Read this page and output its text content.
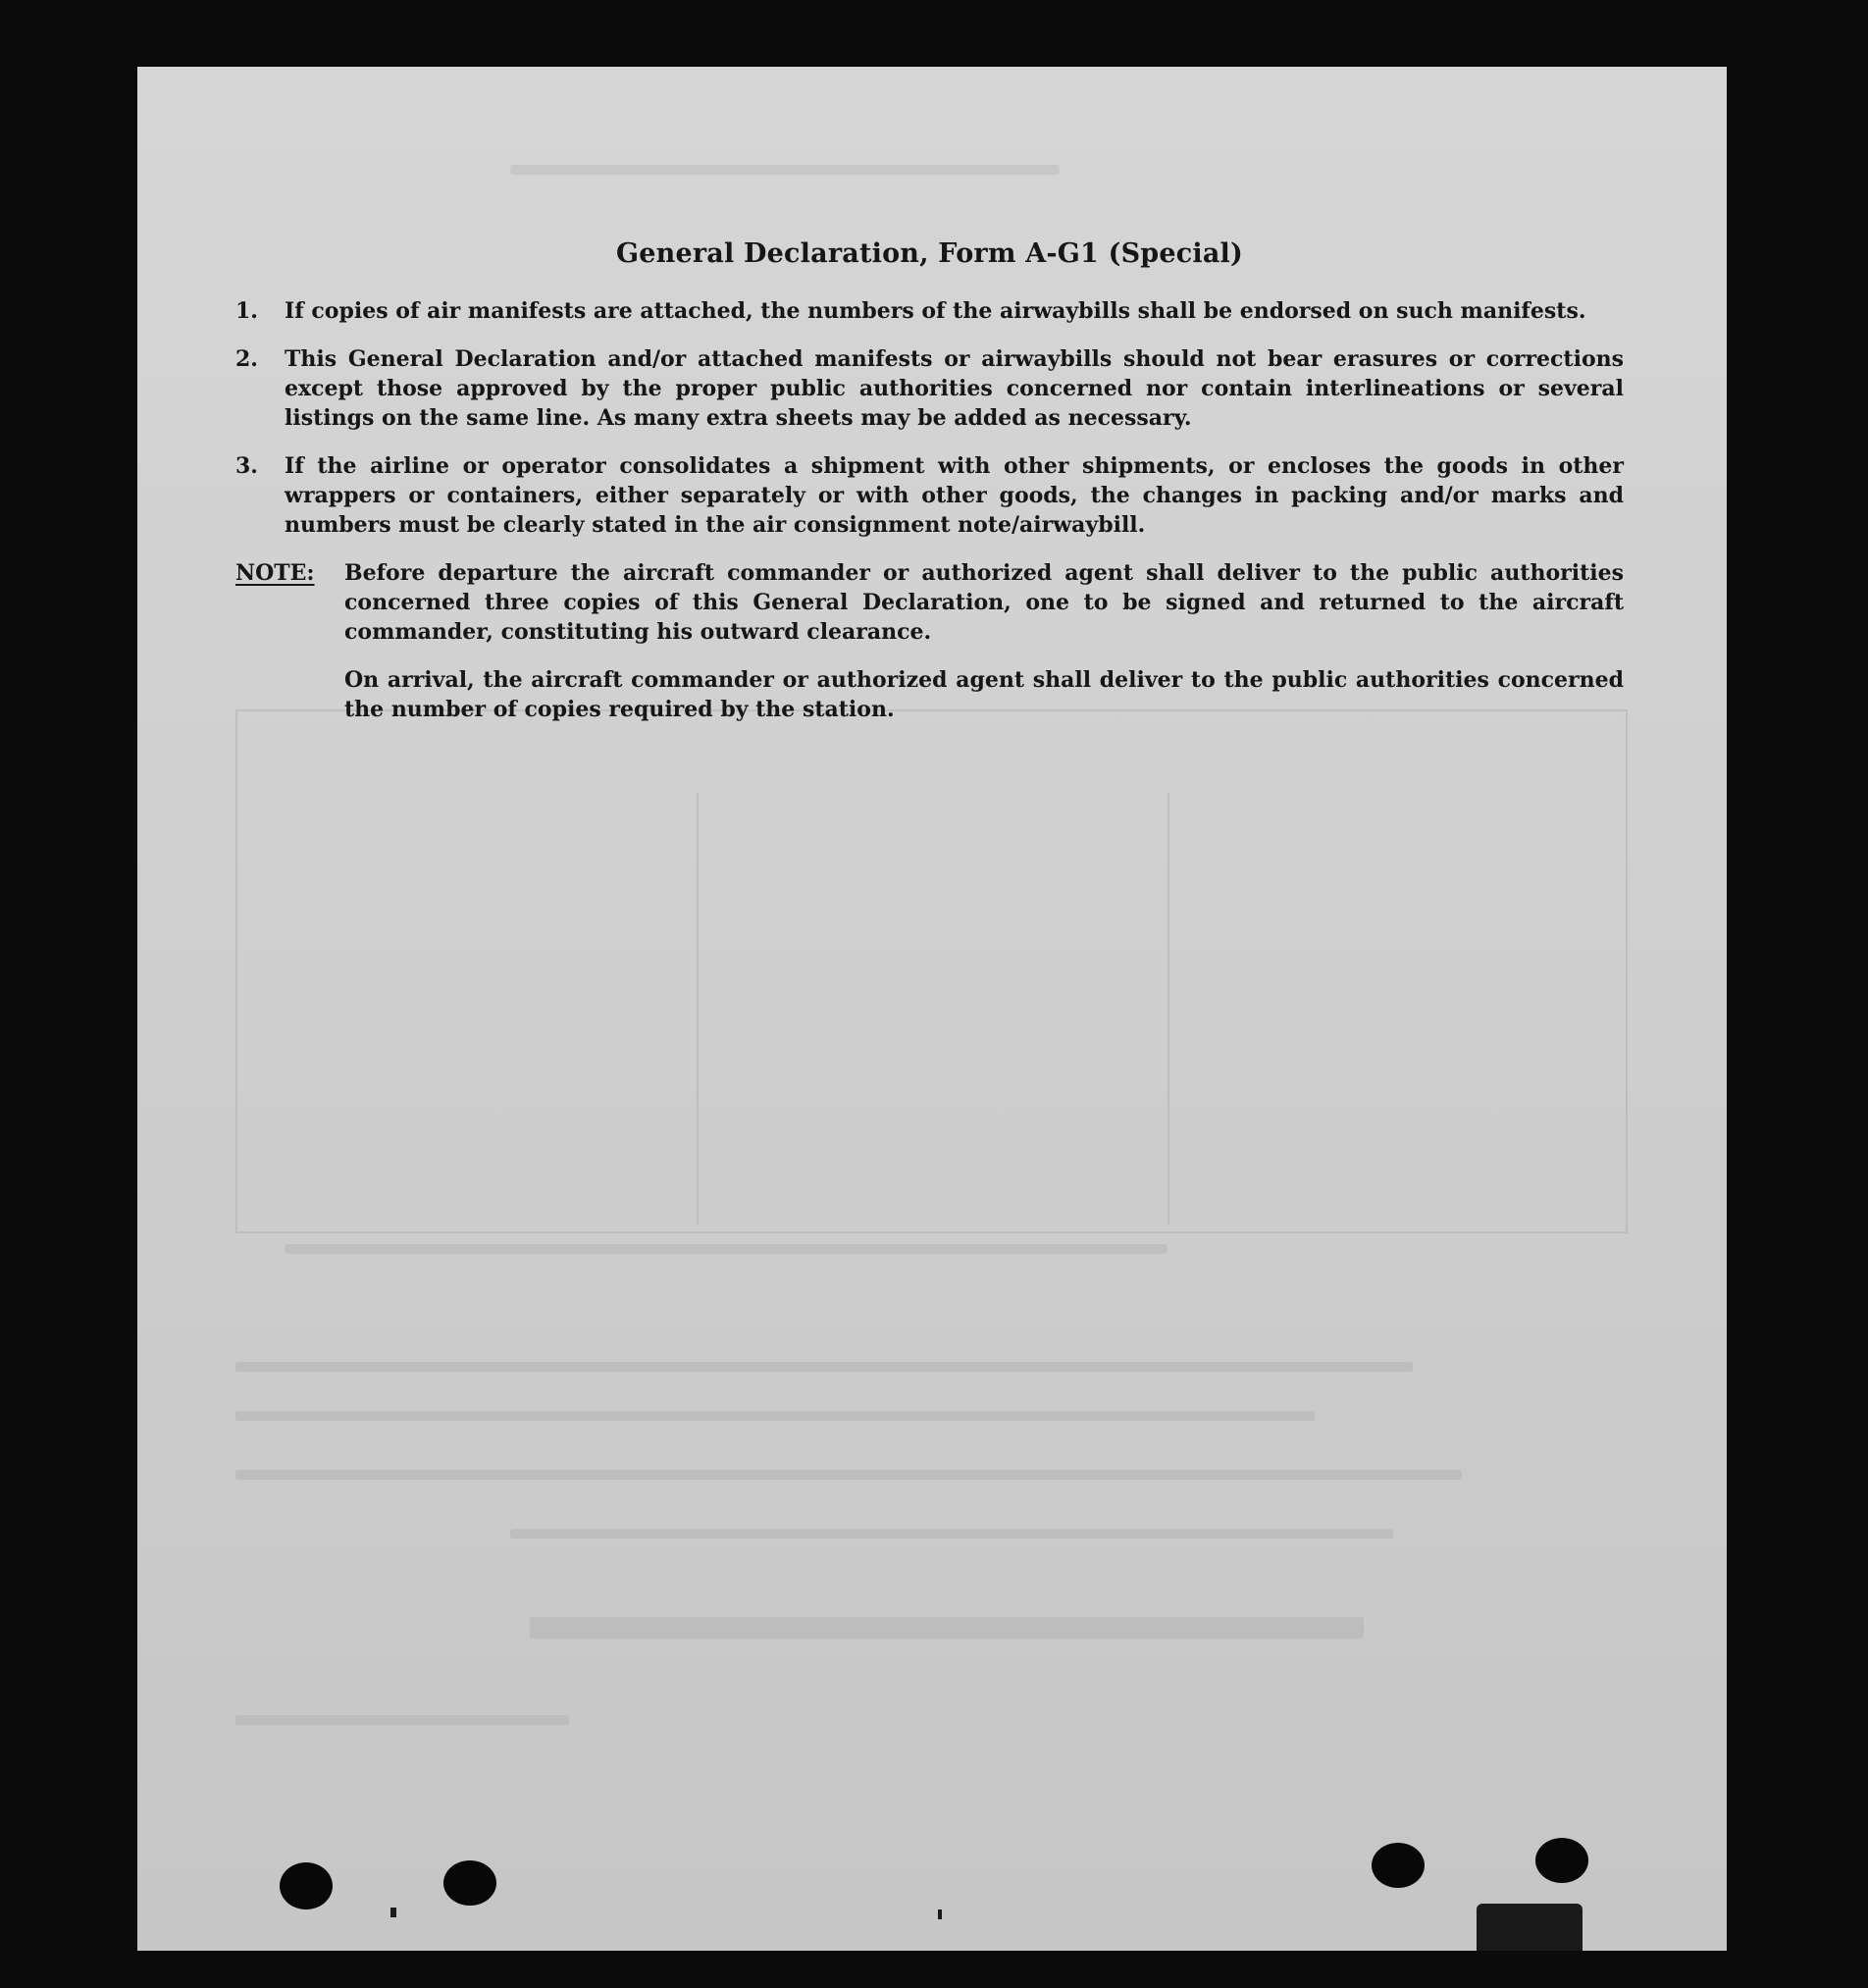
General Declaration, Form A-G1 (Special)
1.	If copies of air manifests are attached, the numbers of the airwaybills shall be endorsed on such manifests.
2.	This General Declaration and/or attached manifests or airwaybills should not bear erasures or corrections except those approved by the proper public authorities concerned nor contain interlineations or several listings on the same line. As many extra sheets may be added as necessary.
3.	If the airline or operator consolidates a shipment with other shipments, or encloses the goods in other wrappers or containers, either separately or with other goods, the changes in packing and/or marks and numbers must be clearly stated in the air consignment note/airwaybill.
NOTE:	Before departure the aircraft commander or authorized agent shall deliver to the public authorities concerned three copies of this General Declaration, one to be signed and returned to the aircraft commander, constituting his outward clearance.
On arrival, the aircraft commander or authorized agent shall deliver to the public authorities concerned the number of copies required by the station.
